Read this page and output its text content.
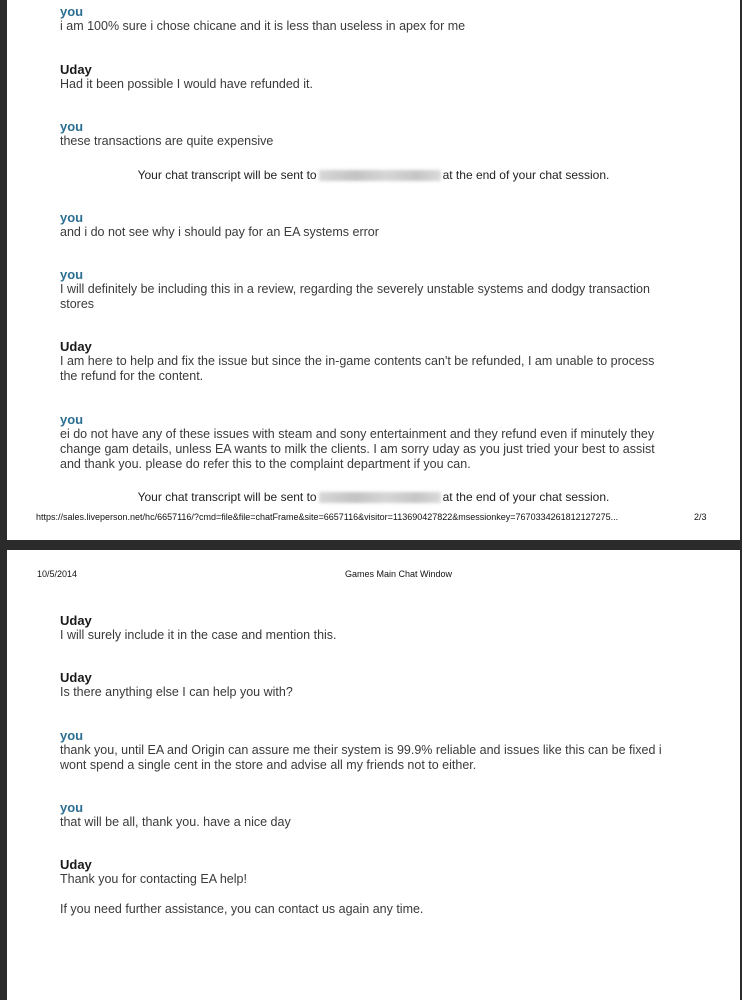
you

i am 100% sure i chose chicane and it is less than useless in apex for me

Uday

Had it been possible I would have refunded it.

you

these transactions are quite expensive

Your chat transcript will be sent to	at the end of your chat session.
you

and i do not see why i should pay for an EA systems error

you

I will definitely be including this in a review, regarding the severely unstable systems and dodgy transaction

stores

Uday

I am here to help and fix the issue but since the in-game contents can't be refunded, I am unable to process

the refund for the content.

you

ei do not have any of these issues with steam and sony entertainment and they refund even if minutely they

change gam details, unless EA wants to milk the clients. I am sorry uday as you just tried your best to assist

and thank you. please do refer this to the complaint department if you can.

Your chat transcript will be sent to	at the end of your chat session.
https://sales.liveperson.net/hc/6657116/?cmd=file&file=chatFrame&site=6657116&visitor=113690427822&msessionkey=7670334261812127275...	2/3
10/5/2014	Games Main Chat Window
Uday

I will surely include it in the case and mention this.

Uday

Is there anything else I can help you with?

you

thank you, until EA and Origin can assure me their system is 99.9% reliable and issues like this can be fixed i

wont spend a single cent in the store and advise all my friends not to either.

you

that will be all, thank you. have a nice day

Uday

Thank you for contacting EA help!

If you need further assistance, you can contact us again any time.
